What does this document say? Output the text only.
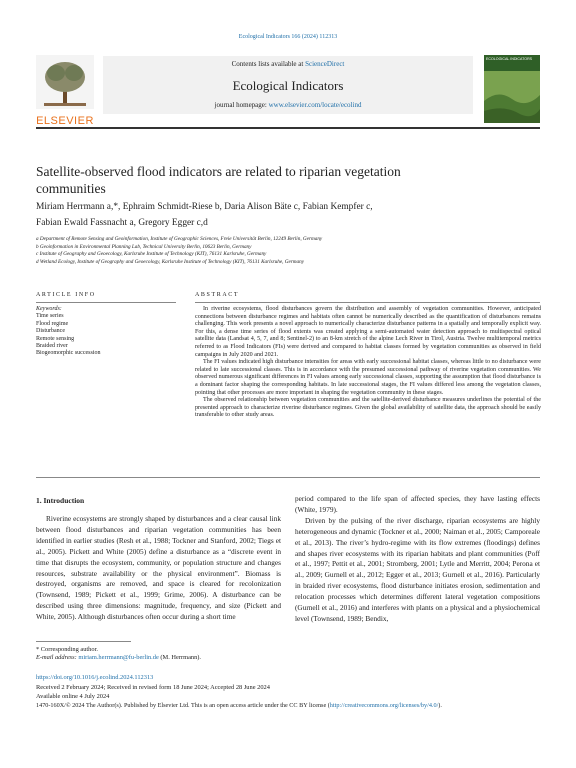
Ecological Indicators 166 (2024) 112313
ELSEVIER
Contents lists available at ScienceDirect
Ecological Indicators
journal homepage: www.elsevier.com/locate/ecolind
ECOLOGICAL INDICATORS
Satellite-observed flood indicators are related to riparian vegetation communities
Miriam Herrmann a,*, Ephraim Schmidt-Riese b, Daria Alison Bäte c, Fabian Kempfer c,
Fabian Ewald Fassnacht a, Gregory Egger c,d
a Department of Remote Sensing and Geoinformation, Institute of Geographic Sciences, Freie Universität Berlin, 12249 Berlin, Germany
b Geoinformation in Environmental Planning Lab, Technical University Berlin, 10623 Berlin, Germany
c Institute of Geography and Geoecology, Karlsruhe Institute of Technology (KIT), 76131 Karlsruhe, Germany
d Wetland Ecology, Institute of Geography and Geoecology, Karlsruhe Institute of Technology (KIT), 76131 Karlsruhe, Germany
ARTICLE INFO	ABSTRACT
Keywords:
Time series
Flood regime
Disturbance
Remote sensing
Braided river
Biogeomorphic succession

In riverine ecosystems, flood disturbances govern the distribution and assembly of vegetation communities. However, anticipated connections between disturbance regimes and habitats often cannot be numerically described as the quantification of disturbances remains challenging. This work presents a novel approach to numerically characterize disturbance patterns in a spatially and temporally explicit way. For this, a dense time series of flood extents was created applying a semi-automated water detection approach to multispectral optical satellite data (Landsat 4, 5, 7, and 8; Sentinel-2) to an 8-km stretch of the alpine Lech River in Tirol, Austria. Twelve multitemporal metrics referred to as Flood Indicators (FIs) were derived and compared to habitat classes formed by vegetation communities as observed in field campaigns in July 2020 and 2021.

The FI values indicated high disturbance intensities for areas with early successional habitat classes, whereas little to no disturbance were related to late successional classes. This is in accordance with the presumed successional pathway of riverine vegetation communities. We observed numerous significant differences in FI values among early successional classes, supporting the assumption that flood disturbance is a dominant factor shaping the corresponding habitats. In late successional stages, the FI values differed less among the vegetation classes, pointing that other processes are more important in shaping the vegetation community in these stages.

The observed relationship between vegetation communities and the satellite-derived disturbance measures underlines the potential of the presented approach to characterize riverine disturbance regimes. Given the global availability of satellite data, the approach should be easily transferable to other study areas.

1. Introduction

Riverine ecosystems are strongly shaped by disturbances and a clear causal link between flood disturbances and riparian vegetation communities has been identified in earlier studies (Resh et al., 1988; Tockner and Stanford, 2002; Tiegs et al., 2005). Pickett and White (2005) define a disturbance as a “discrete event in time that disrupts the ecosystem, community, or population structure and changes resources, substrate availability or the physical environment”. Biomass is destroyed, organisms are removed, and space is cleared for recolonization (Townsend, 1989; Pickett et al., 1999; Grime, 2006). A disturbance can be described using three dimensions: magnitude, frequency, and size (Pickett and White, 2005). Although disturbances often occur during a short time

period compared to the life span of affected species, they have lasting effects (White, 1979).

Driven by the pulsing of the river discharge, riparian ecosystems are highly heterogeneous and dynamic (Tockner et al., 2000; Naiman et al., 2005; Camporeale et al., 2013). The river’s hydro-regime with its flow extremes (floodings) defines and shapes river ecosystems with its riparian habitats and plant communities (Poff et al., 1997; Pettit et al., 2001; Stromberg, 2001; Lytle and Merritt, 2004; Perona et al., 2009; Gurnell et al., 2012; Egger et al., 2013; Gurnell et al., 2016). Particularly in braided river ecosystems, flood disturbance initiates erosion, sedimentation and relocation processes which determines different lateral vegetation compositions (Gurnell et al., 2016) and interferes with plants on a physical and a physiochemical level (Townsend, 1989; Bendix,

* Corresponding author.
E-mail address: miriam.herrmann@fu-berlin.de (M. Herrmann).
https://doi.org/10.1016/j.ecolind.2024.112313
Received 2 February 2024; Received in revised form 18 June 2024; Accepted 28 June 2024
Available online 4 July 2024
1470-160X/© 2024 The Author(s). Published by Elsevier Ltd. This is an open access article under the CC BY license (http://creativecommons.org/licenses/by/4.0/).
